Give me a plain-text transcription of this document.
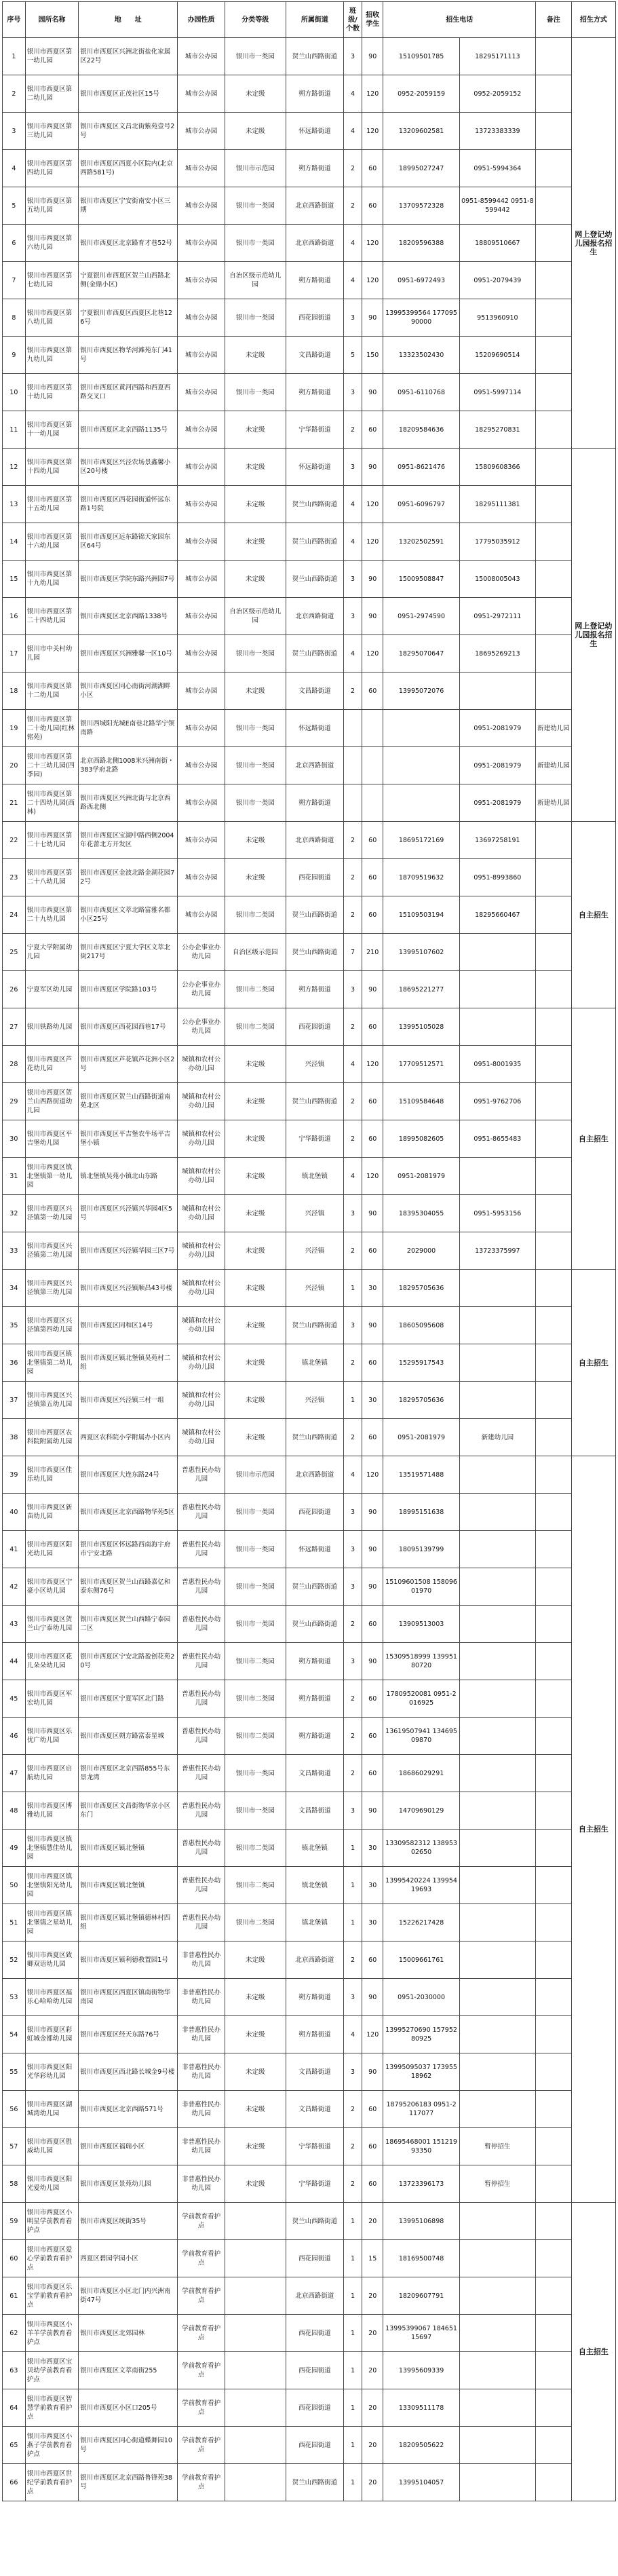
序号	园所名称	地　　址	办园性质	分类等级	所属街道	班级/个数	招收学生	招生电话		备注	招生方式
1	银川市西夏区第一幼儿园	银川市西夏区兴洲北街盐化家属区22号	城市公办园	银川市一类园	贺兰山西路街道	3	90	15109501785	18295171113		网上登记幼儿园报名招生
2	银川市西夏区第二幼儿园	银川市西夏区正茂社区15号	城市公办园	未定级	朔方路街道	4	120	0952-2059159	0952-2059152		
3	银川市西夏区第三幼儿园	银川市西夏区文昌北街紫苑壹号2号	城市公办园	未定级	怀远路街道	4	120	13209602581	13723383339		
4	银川市西夏区第四幼儿园	银川市西夏区西夏小区院内(北京西路581号)	城市公办园	银川市示范园	朔方路街道	2	60	18995027247	0951-5994364		
5	银川市西夏区第五幼儿园	银川市西夏区宁安街南安小区三期	城市公办园	银川市一类园	北京西路街道	2	60	13709572328	0951-8599442 0951-8599442		
6	银川市西夏区第六幼儿园	银川市西夏区北京路育才巷52号	城市公办园	银川市一类园	北京西路街道	4	120	18209596388	18809510667		
7	银川市西夏区第七幼儿园	宁夏银川市西夏区贺兰山西路北侧(金鼎小区)	城市公办园	自治区级示范幼儿园	朔方路街道	4	120	0951-6972493	0951-2079439		
8	银川市西夏区第八幼儿园	宁夏银川市西夏区西夏区北巷126号	城市公办园	银川市一类园	西花园街道	3	90	13995399564 17709590000	9513960910		
9	银川市西夏区第九幼儿园	银川市西夏区物华河滩苑东门41号	城市公办园	未定级	文昌路街道	5	150	13323502430	15209690514		
10	银川市西夏区第十幼儿园	银川市西夏区黄河西路和西夏西路交叉口	城市公办园	银川市一类园	朔方路街道	3	90	0951-6110768	0951-5997114		
11	银川市西夏区第十一幼儿园	银川市西夏区北京西路1135号	城市公办园	未定级	宁华路街道	2	60	18209584636	18295270831		
12	银川市西夏区第十四幼儿园	银川市西夏区兴泾农场景鑫馨小区20号楼	城市公办园	未定级	怀远路街道	3	90	0951-8621476	15809608366		网上登记幼儿园报名招生
13	银川市西夏区第十五幼儿园	银川市西夏区西花园街道怀远东路1号院	城市公办园	未定级	贺兰山西路街道	4	120	0951-6096797	18295111381		
14	银川市西夏区第十六幼儿园	银川市西夏区远东路锦天家园东区64号	城市公办园	未定级	贺兰山西路街道	4	120	13202502591	17795035912		
15	银川市西夏区第十九幼儿园	银川市西夏区学院东路兴洲园7号	城市公办园	未定级	贺兰山西路街道	3	90	15009508847	15008005043		
16	银川市西夏区第二十四幼儿园	银川市西夏区北京西路1338号	城市公办园	自治区级示范幼儿园	北京西路街道	3	90	0951-2974590	0951-2972111		
17	银川市中关村幼儿园	银川市西夏区兴洲雅馨一区10号	城市公办园	银川市一类园	贺兰山西路街道	4	120	18295070647	18695269213		
18	银川市西夏区第十二幼儿园	银川市西夏区同心南街河湖湖畔小区	城市公办园	未定级	文昌路街道	2	60	13995072076			
19	银川市西夏区第二十幼儿园(红林铭苑)	银川西城阳光城E南巷北路华宁领南路	城市公办园	银川市一类园	怀远路街道				0951-2081979	新建幼儿园	
20	银川市西夏区第二十三幼儿园(四季园)	北京西路北侧1008米兴洲南街・383学府北路	城市公办园	银川市一类园	北京西路街道				0951-2081979	新建幼儿园	
21	银川市西夏区第二十四幼儿园(西林)	银川市西夏区兴洲北街与北京西路西北侧	城市公办园	银川市一类园	朔方路街道				0951-2081979	新建幼儿园	
22	银川市西夏区第二十七幼儿园	银川市西夏区宝湖中路西侧2004年花蕾北方开发区	城市公办园	未定级	北京西路街道	2	60	18695172169	13697258191		自主招生
23	银川市西夏区第二十八幼儿园	银川市西夏区金波北路金湖花园72号	城市公办园	未定级	西花园街道	2	60	18709519632	0951-8993860		
24	银川市西夏区第二十九幼儿园	银川市西夏区文萃北路富雅名都小区25号	城市公办园	银川市二类园	贺兰山西路街道	2	60	15109503194	18295660467		
25	宁夏大学附属幼儿园	银川市西夏区宁夏大学区文萃北街217号	公办企事业办幼儿园	自治区级示范园	贺兰山西路街道	7	210	13995107602			
26	宁夏军区幼儿园	银川市西夏区学院路103号	公办企事业办幼儿园	银川市二类园	朔方路街道	3	90	18695221277			
27	银川铁路幼儿园	银川市西夏区西花园西巷17号	公办企事业办幼儿园	银川市二类园	西花园街道	2	60	13995105028			自主招生
28	银川市西夏区芦花幼儿园	银川市西夏区芦花镇芦花洲小区2号	城镇和农村公办幼儿园	未定级	兴泾镇	4	120	17709512571	0951-8001935		
29	银川市西夏区贺兰山西路街道幼儿园	银川市西夏区贺兰山西路街道南苑北区	城镇和农村公办幼儿园	未定级	贺兰山西路街道	2	60	15109584648	0951-9762706		
30	银川市西夏区平吉堡幼儿园	银川市西夏区平吉堡农牛场平吉堡小镇	城镇和农村公办幼儿园	未定级	宁华路街道	2	60	18995082605	0951-8655483		
31	银川市西夏区镇北堡镇第一幼儿园	镇北堡镇吴苑小镇北山东路	城镇和农村公办幼儿园	未定级	镇北堡镇	4	120	0951-2081979			
32	银川市西夏区兴泾镇第一幼儿园	银川市西夏区兴泾镇兴华园4区5号	城镇和农村公办幼儿园	未定级	兴泾镇	3	90	18395304055	0951-5953156		
33	银川市西夏区兴泾镇第二幼儿园	银川市西夏区兴泾镇华园三区7号	城镇和农村公办幼儿园	未定级	兴泾镇	2	60	2029000	13723375997		
34	银川市西夏区兴泾镇第三幼儿园	银川市西夏区兴泾镇顺昌43号楼	城镇和农村公办幼儿园	未定级	兴泾镇	1	30	18295705636			自主招生
35	银川市西夏区兴泾镇第四幼儿园	银川市西夏区同和区14号	城镇和农村公办幼儿园	未定级	贺兰山西路街道	3	90	18605095608			
36	银川市西夏区镇北堡镇第二幼儿园	银川市西夏区镇北堡镇昊苑村二组	城镇和农村公办幼儿园	未定级	镇北堡镇	2	60	15295917543			
37	银川市西夏区兴泾镇第五幼儿园	银川市西夏区兴泾镇三村一组	城镇和农村公办幼儿园	未定级	兴泾镇	1	30	18295705636			
38	银川市西夏区农科院附属幼儿园	西夏区农科院小学附属办小区内	城镇和农村公办幼儿园	未定级	贺兰山西路街道	2	60	0951-2081979	新建幼儿园		
39	银川市西夏区佳乐幼儿园	银川市西夏区大连东路24号	普惠性民办幼儿园	银川市示范园	北京西路街道	4	120	13519571488			自主招生
40	银川市西夏区新苗幼儿园	银川市西夏区北京西路物华苑5区	普惠性民办幼儿园	银川市一类园	西花园街道	3	90	18995151638			
41	银川市西夏区阳光幼儿园	银川市西夏区怀远路西南海宇府市宁安北路	普惠性民办幼儿园	银川市一类园	怀远路街道	3	90	18095139799			
42	银川市西夏区宁豪小区幼儿园	银川市西夏区贺兰山西路嘉亿和泰东侧76号	普惠性民办幼儿园	银川市一类园	贺兰山西路街道	3	90	15109601508 15809601970			
43	银川市西夏区贺兰山宁泰幼儿园	银川市西夏区贺兰山西路宁泰园二区	普惠性民办幼儿园	银川市一类园	贺兰山西路街道	2	60	13909513003			
44	银川市西夏区花儿朵朵幼儿园	银川市西夏区宁安北路盈创花苑20号	普惠性民办幼儿园	银川市二类园	朔方路街道	3	90	15309518999 13995180720			
45	银川市西夏区军宏幼儿园	银川市西夏区宁夏军区北门路	普惠性民办幼儿园	银川市二类园	朔方路街道	2	60	17809520081 0951-2016925			
46	银川市西夏区乐优广幼儿园	银川市西夏区朔方路富泰星城	普惠性民办幼儿园	银川市二类园	朔方路街道	2	60	13619507941 13469509870			
47	银川市西夏区启航幼儿园	银川市西夏区北京西路855号东景龙湾	普惠性民办幼儿园	银川市一类园	文昌路街道	2	60	18686029291			
48	银川市西夏区博雅幼儿园	银川市西夏区文昌街物华京小区东门	普惠性民办幼儿园	银川市一类园	文昌路街道	3	90	14709690129			
49	银川市西夏区镇北堡镇慧佳幼儿园	银川市西夏区镇北堡镇	普惠性民办幼儿园	银川市二类园	镇北堡镇	1	30	13309582312 13895302650			
50	银川市西夏区镇北堡镇阳光幼儿园	银川市西夏区镇北堡镇	普惠性民办幼儿园	银川市二类园	镇北堡镇	1	30	13995420224 13995419693			
51	银川市西夏区镇北堡镇之星幼儿园	银川市西夏区镇北堡镇德林村四组	普惠性民办幼儿园	银川市二类园	镇北堡镇	1	30	15226217428			
52	银川市西夏区致卿双语幼儿园	银川市西夏区镇利德教置园1号	非普惠性民办幼儿园	未定级	北京西路街道	2	60	15009661761			
53	银川市西夏区福乐心哈哈幼儿园	银川市西夏区西夏区镇南街物华南园	非普惠性民办幼儿园	未定级	朔方路街道	3	90	0951-2030000			
54	银川市西夏区彩虹城金都幼儿园	银川市西夏区经天东路76号	非普惠性民办幼儿园	未定级	朔方路街道	4	120	13995270690 15795280925			
55	银川市西夏区阳光华彩幼儿园	银川市西夏区西北路长城金9号楼	非普惠性民办幼儿园	未定级	文昌路街道	3	90	13995095037 17395518962			
56	银川市西夏区湖城湾幼儿园	银川市西夏区北京西路571号	非普惠性民办幼儿园	未定级	文昌路街道	2	60	18795206183 0951-2117077			
57	银川市西夏区胜威幼儿园	银川市西夏区福瑞小区	非普惠性民办幼儿园	未定级	宁华路街道	2	60	18695468001 15121993350	暂停招生		
58	银川市西夏区阳光爱幼儿园	银川市西夏区景苑幼儿园	非普惠性民办幼儿园	未定级	宁华路街道	2	60	13723396173	暂停招生		
59	银川市西夏区小明星学前教育看护点	银川市西夏区统街35号	学前教育看护点		贺兰山西路街道	1	20	13995106898			自主招生
60	银川市西夏区爱心学前教育看护点	西夏区碧园学园小区	学前教育看护点		西花园街道	1	15	18169500748			
61	银川市西夏区乐宝学前教育看护点	银川市西夏区小区北门内兴洲南街47号	学前教育看护点		北京西路街道	1	20	18209607791			
62	银川市西夏区小羊羊学前教育看护点	银川市西夏区北郊园林	学前教育看护点		西花园街道	1	20	13995399067 18465115697			
63	银川市西夏区宝贝幼学前教育看护点	银川市西夏区文萃南街255	学前教育看护点		西花园街道	1	20	13995609339			
64	银川市西夏区智慧学前教育看护点	银川市西夏区小区口205号	学前教育看护点		西花园街道	1	20	13309511178			
65	银川市西夏区小燕子学前教育看护点	银川市西夏区同心街道蝶舞园10号	学前教育看护点		西花园街道	1	20	18209505622			
66	银川市西夏区世纪学前教育看护点	银川市西夏区北京西路鲁锋苑38号	学前教育看护点		贺兰山西路街道	1	20	13995104057			
